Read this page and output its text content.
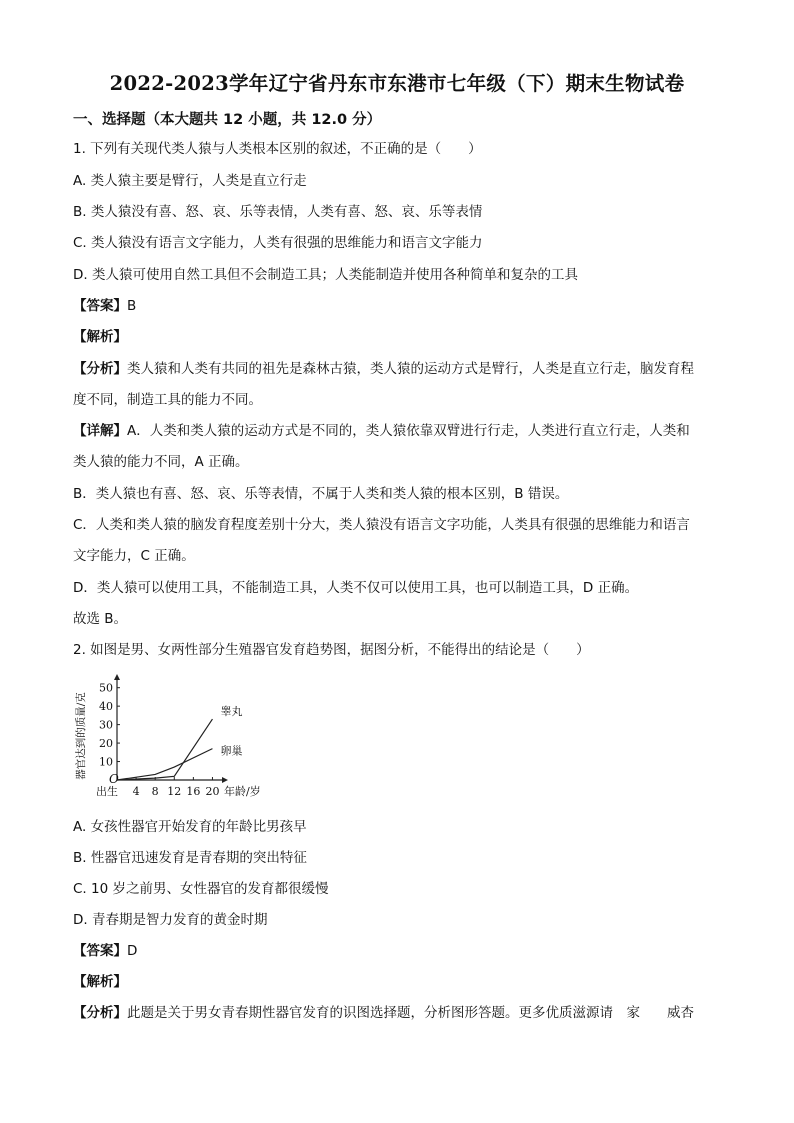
2022-2023学年辽宁省丹东市东港市七年级（下）期末生物试卷
一、选择题（本大题共 12 小题，共 12.0 分）
1. 下列有关现代类人猿与人类根本区别的叙述，不正确的是（　　）
A. 类人猿主要是臂行，人类是直立行走
B. 类人猿没有喜、怒、哀、乐等表情，人类有喜、怒、哀、乐等表情
C. 类人猿没有语言文字能力，人类有很强的思维能力和语言文字能力
D. 类人猿可使用自然工具但不会制造工具；人类能制造并使用各种简单和复杂的工具
【答案】B
【解析】
【分析】类人猿和人类有共同的祖先是森林古猿，类人猿的运动方式是臂行，人类是直立行走，脑发育程
度不同，制造工具的能力不同。
【详解】A．人类和类人猿的运动方式是不同的，类人猿依靠双臂进行行走，人类进行直立行走，人类和
类人猿的能力不同，A 正确。
B．类人猿也有喜、怒、哀、乐等表情，不属于人类和类人猿的根本区别，B 错误。
C．人类和类人猿的脑发育程度差别十分大，类人猿没有语言文字功能，人类具有很强的思维能力和语言
文字能力，C 正确。
D．类人猿可以使用工具，不能制造工具，人类不仅可以使用工具，也可以制造工具，D 正确。
故选 B。
2. 如图是男、女两性部分生殖器官发育趋势图，据图分析，不能得出的结论是（　　）
10
20
30
40
50
出生 4 8 12 16 20
O
年龄/岁
器官达到的质量/克	睾丸
卵巢
A. 女孩性器官开始发育的年龄比男孩早
B. 性器官迅速发育是青春期的突出特征
C. 10 岁之前男、女性器官的发育都很缓慢
D. 青春期是智力发育的黄金时期
【答案】D
【解析】
【分析】此题是关于男女青春期性器官发育的识图选择题，分析图形答题。更多优质滋源请　家　　威杏
